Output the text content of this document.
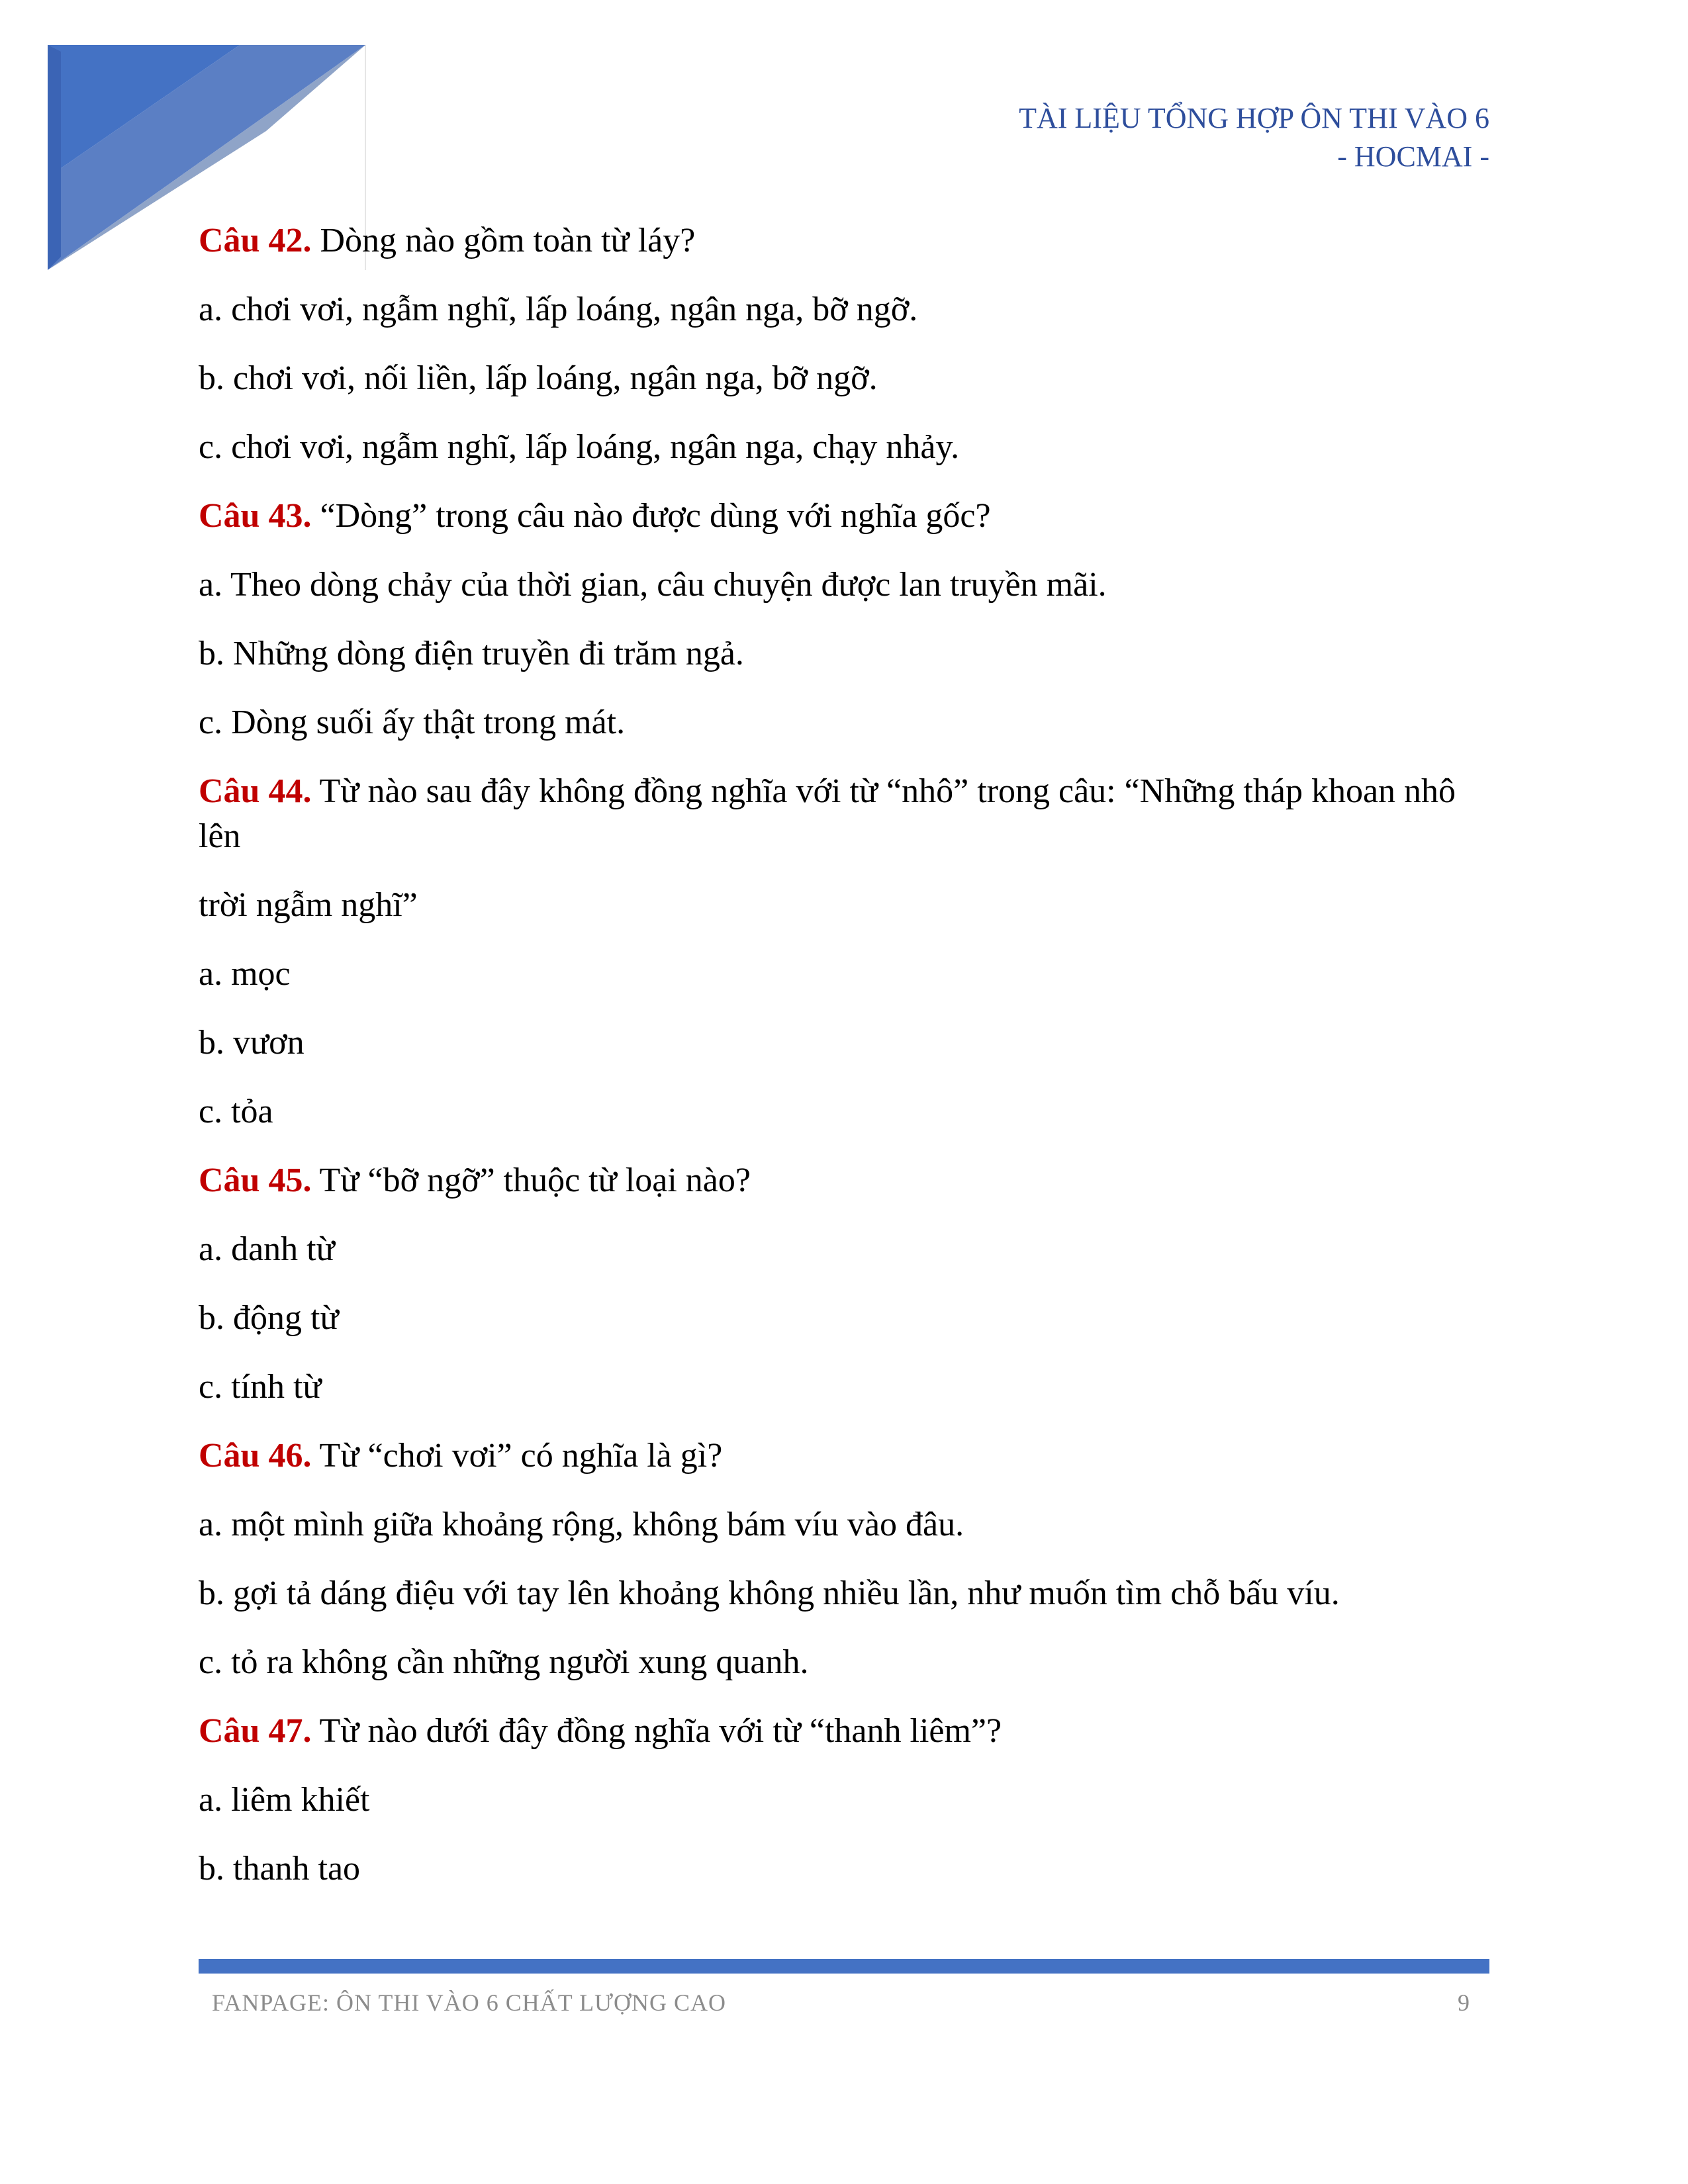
TÀI LIỆU TỔNG HỢP ÔN THI VÀO 6
- HOCMAI -
Câu 42. Dòng nào gồm toàn từ láy?
a. chơi vơi, ngẫm nghĩ, lấp loáng, ngân nga, bỡ ngỡ.
b. chơi vơi, nối liền, lấp loáng, ngân nga, bỡ ngỡ.
c. chơi vơi, ngẫm nghĩ, lấp loáng, ngân nga, chạy nhảy.
Câu 43. “Dòng” trong câu nào được dùng với nghĩa gốc?
a. Theo dòng chảy của thời gian, câu chuyện được lan truyền mãi.
b. Những dòng điện truyền đi trăm ngả.
c. Dòng suối ấy thật trong mát.
Câu 44. Từ nào sau đây không đồng nghĩa với từ “nhô” trong câu: “Những tháp khoan nhô lên
trời ngẫm nghĩ”
a. mọc
b. vươn
c. tỏa
Câu 45. Từ “bỡ ngỡ” thuộc từ loại nào?
a. danh từ
b. động từ
c. tính từ
Câu 46. Từ “chơi vơi” có nghĩa là gì?
a. một mình giữa khoảng rộng, không bám víu vào đâu.
b. gợi tả dáng điệu với tay lên khoảng không nhiều lần, như muốn tìm chỗ bấu víu.
c. tỏ ra không cần những người xung quanh.
Câu 47. Từ nào dưới đây đồng nghĩa với từ “thanh liêm”?
a. liêm khiết
b. thanh tao
FANPAGE: ÔN THI VÀO 6 CHẤT LƯỢNG CAO	9
